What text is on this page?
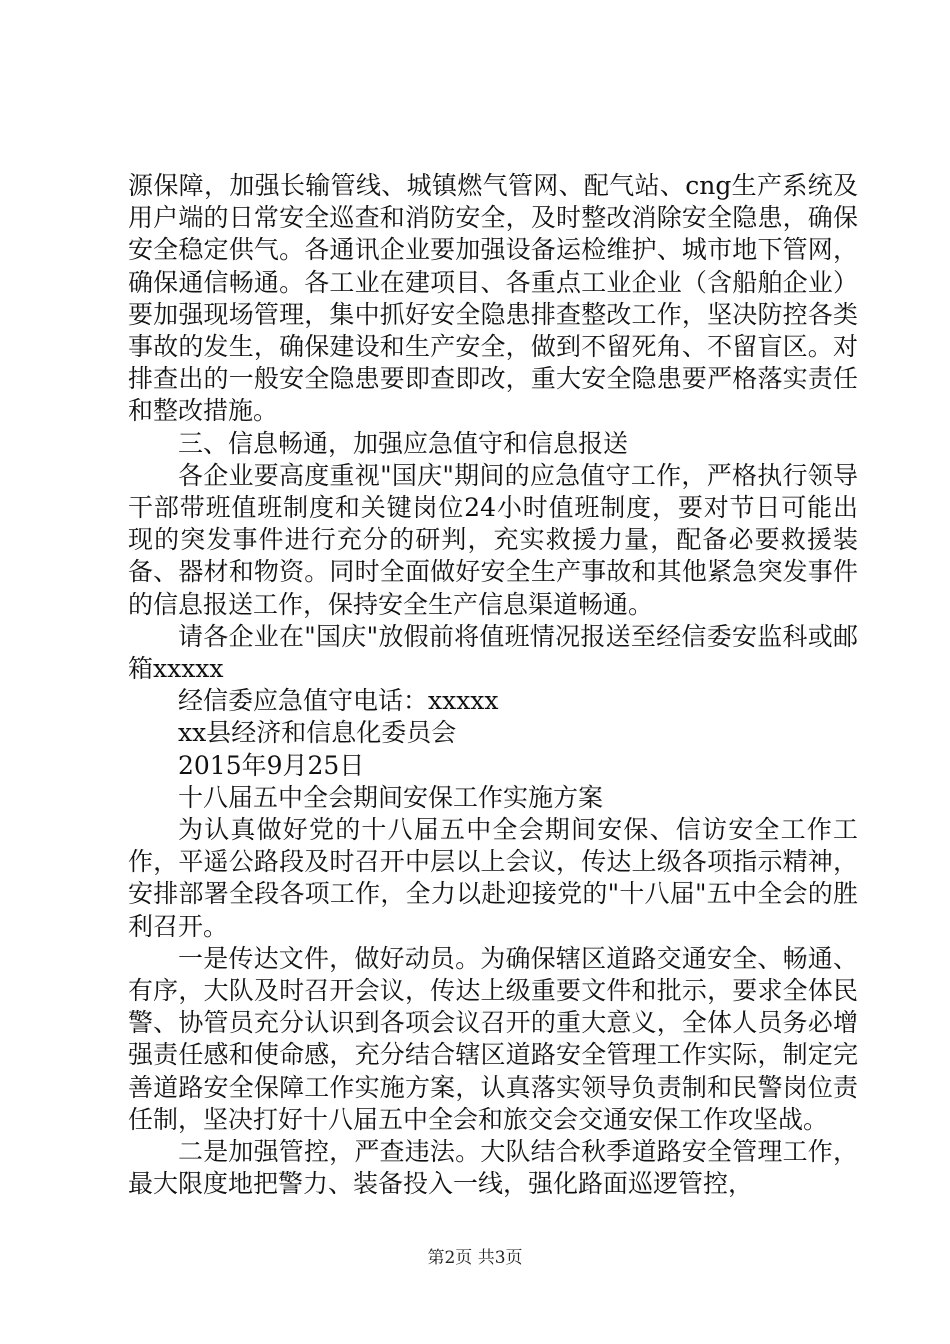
源保障，加强长输管线、城镇燃气管网、配气站、cng生产系统及用户端的日常安全巡查和消防安全，及时整改消除安全隐患，确保安全稳定供气。各通讯企业要加强设备运检维护、城市地下管网，确保通信畅通。各工业在建项目、各重点工业企业（含船舶企业）要加强现场管理，集中抓好安全隐患排查整改工作，坚决防控各类事故的发生，确保建设和生产安全，做到不留死角、不留盲区。对排查出的一般安全隐患要即查即改，重大安全隐患要严格落实责任和整改措施。

三、信息畅通，加强应急值守和信息报送

各企业要高度重视"国庆"期间的应急值守工作，严格执行领导干部带班值班制度和关键岗位24小时值班制度，要对节日可能出现的突发事件进行充分的研判，充实救援力量，配备必要救援装备、器材和物资。同时全面做好安全生产事故和其他紧急突发事件的信息报送工作，保持安全生产信息渠道畅通。

请各企业在"国庆"放假前将值班情况报送至经信委安监科或邮箱xxxxx

经信委应急值守电话：xxxxx

xx县经济和信息化委员会

2015年9月25日

十八届五中全会期间安保工作实施方案

为认真做好党的十八届五中全会期间安保、信访安全工作工作，平遥公路段及时召开中层以上会议，传达上级各项指示精神，安排部署全段各项工作，全力以赴迎接党的"十八届"五中全会的胜利召开。

一是传达文件，做好动员。为确保辖区道路交通安全、畅通、有序，大队及时召开会议，传达上级重要文件和批示，要求全体民警、协管员充分认识到各项会议召开的重大意义，全体人员务必增强责任感和使命感，充分结合辖区道路安全管理工作实际，制定完善道路安全保障工作实施方案，认真落实领导负责制和民警岗位责任制，坚决打好十八届五中全会和旅交会交通安保工作攻坚战。

二是加强管控，严查违法。大队结合秋季道路安全管理工作，最大限度地把警力、装备投入一线，强化路面巡逻管控，

第2页 共3页
